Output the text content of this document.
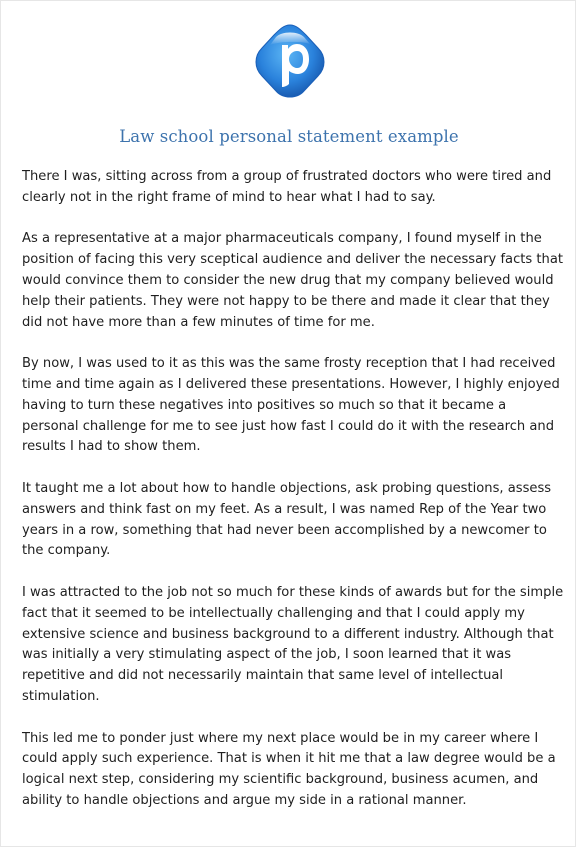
Law school personal statement example

There I was, sitting across from a group of frustrated doctors who were tired and clearly not in the right frame of mind to hear what I had to say.

As a representative at a major pharmaceuticals company, I found myself in the position of facing this very sceptical audience and deliver the necessary facts that would convince them to consider the new drug that my company believed would help their patients. They were not happy to be there and made it clear that they did not have more than a few minutes of time for me.

By now, I was used to it as this was the same frosty reception that I had received time and time again as I delivered these presentations. However, I highly enjoyed having to turn these negatives into positives so much so that it became a personal challenge for me to see just how fast I could do it with the research and results I had to show them.

It taught me a lot about how to handle objections, ask probing questions, assess answers and think fast on my feet. As a result, I was named Rep of the Year two years in a row, something that had never been accomplished by a newcomer to the company.

I was attracted to the job not so much for these kinds of awards but for the simple fact that it seemed to be intellectually challenging and that I could apply my extensive science and business background to a different industry. Although that was initially a very stimulating aspect of the job, I soon learned that it was repetitive and did not necessarily maintain that same level of intellectual stimulation.

This led me to ponder just where my next place would be in my career where I could apply such experience. That is when it hit me that a law degree would be a logical next step, considering my scientific background, business acumen, and ability to handle objections and argue my side in a rational manner.
